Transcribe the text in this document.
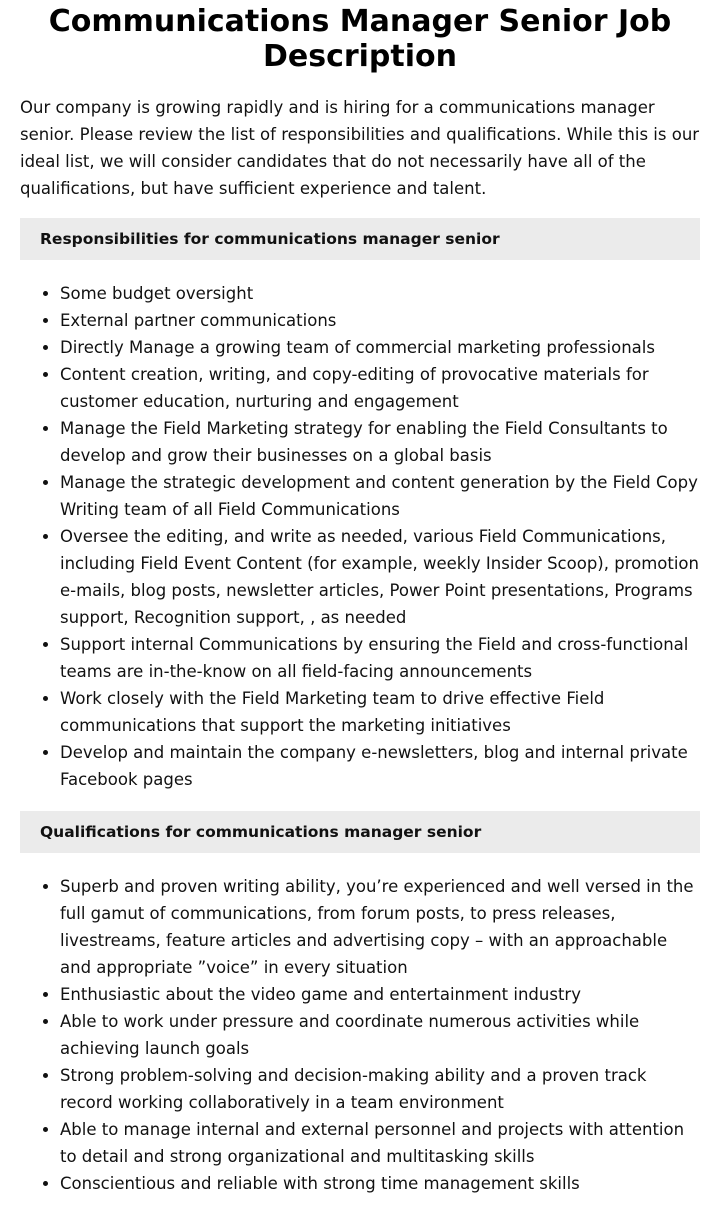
Communications Manager Senior Job Description

Our company is growing rapidly and is hiring for a communications manager senior. Please review the list of responsibilities and qualifications. While this is our ideal list, we will consider candidates that do not necessarily have all of the qualifications, but have sufficient experience and talent.

Responsibilities for communications manager senior
Some budget oversight
External partner communications
Directly Manage a growing team of commercial marketing professionals
Content creation, writing, and copy-editing of provocative materials for customer education, nurturing and engagement
Manage the Field Marketing strategy for enabling the Field Consultants to develop and grow their businesses on a global basis
Manage the strategic development and content generation by the Field Copy Writing team of all Field Communications
Oversee the editing, and write as needed, various Field Communications, including Field Event Content (for example, weekly Insider Scoop), promotion e-mails, blog posts, newsletter articles, Power Point presentations, Programs support, Recognition support, , as needed
Support internal Communications by ensuring the Field and cross-functional teams are in-the-know on all field-facing announcements
Work closely with the Field Marketing team to drive effective Field communications that support the marketing initiatives
Develop and maintain the company e-newsletters, blog and internal private Facebook pages
Qualifications for communications manager senior
Superb and proven writing ability, you’re experienced and well versed in the full gamut of communications, from forum posts, to press releases, livestreams, feature articles and advertising copy – with an approachable and appropriate ”voice” in every situation
Enthusiastic about the video game and entertainment industry
Able to work under pressure and coordinate numerous activities while achieving launch goals
Strong problem-solving and decision-making ability and a proven track record working collaboratively in a team environment
Able to manage internal and external personnel and projects with attention to detail and strong organizational and multitasking skills
Conscientious and reliable with strong time management skills
